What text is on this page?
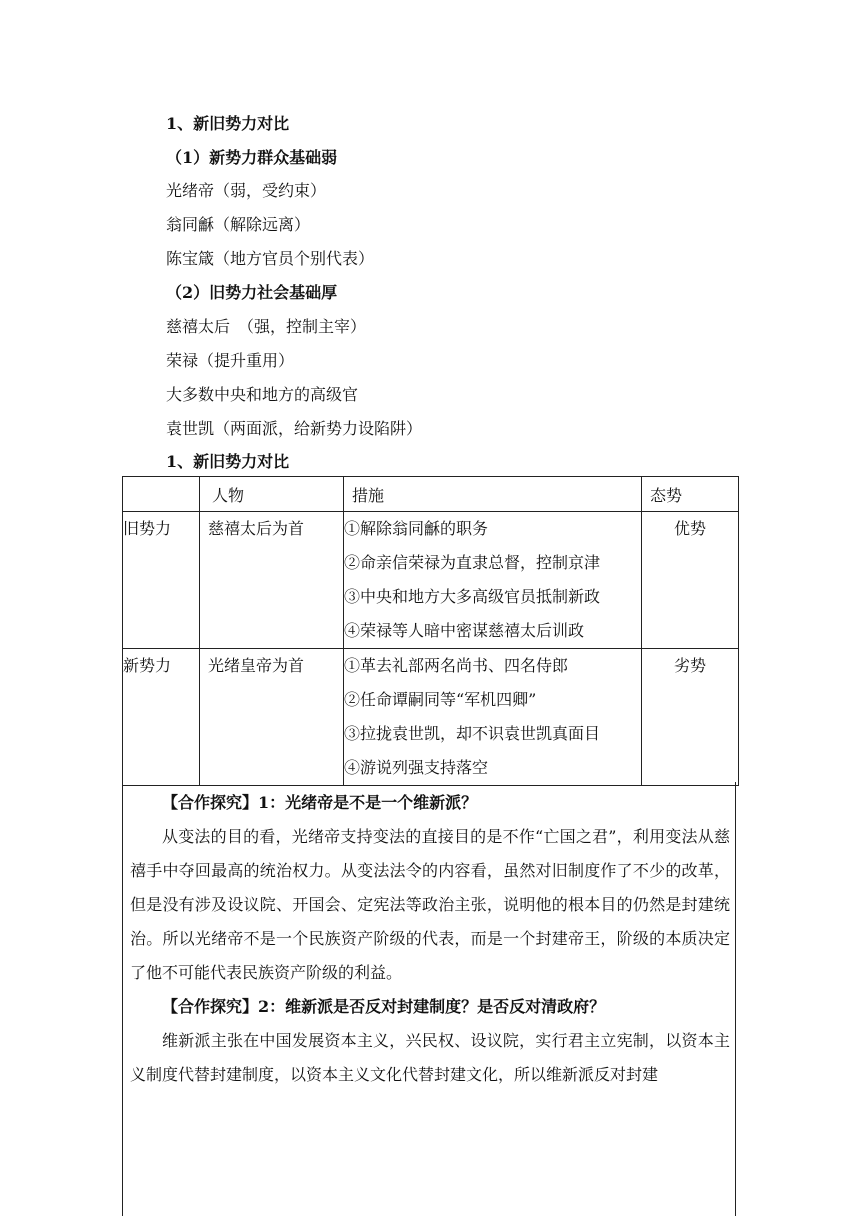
1、新旧势力对比
（1）新势力群众基础弱
光绪帝（弱，受约束）
翁同龢（解除远离）
陈宝箴（地方官员个别代表）
（2）旧势力社会基础厚
慈禧太后　（强，控制主宰）
荣禄（提升重用）
大多数中央和地方的高级官
袁世凯（两面派，给新势力设陷阱）
1、新旧势力对比
	人物	措施	态势

旧势力	慈禧太后为首	①解除翁同龢的职务
②命亲信荣禄为直隶总督，控制京津
③中央和地方大多高级官员抵制新政
④荣禄等人暗中密谋慈禧太后训政	优势

新势力	光绪皇帝为首	①革去礼部两名尚书、四名侍郎
②任命谭嗣同等“军机四卿”
③拉拢袁世凯，却不识袁世凯真面目
④游说列强支持落空	劣势
【合作探究】1：光绪帝是不是一个维新派？
从变法的目的看，光绪帝支持变法的直接目的是不作“亡国之君”，利用变法从慈禧手中夺回最高的统治权力。从变法法令的内容看，虽然对旧制度作了不少的改革，但是没有涉及设议院、开国会、定宪法等政治主张，说明他的根本目的仍然是封建统治。所以光绪帝不是一个民族资产阶级的代表，而是一个封建帝王，阶级的本质决定了他不可能代表民族资产阶级的利益。
【合作探究】2：维新派是否反对封建制度？是否反对清政府？
维新派主张在中国发展资本主义，兴民权、设议院，实行君主立宪制，以资本主义制度代替封建制度，以资本主义文化代替封建文化，所以维新派反对封建
